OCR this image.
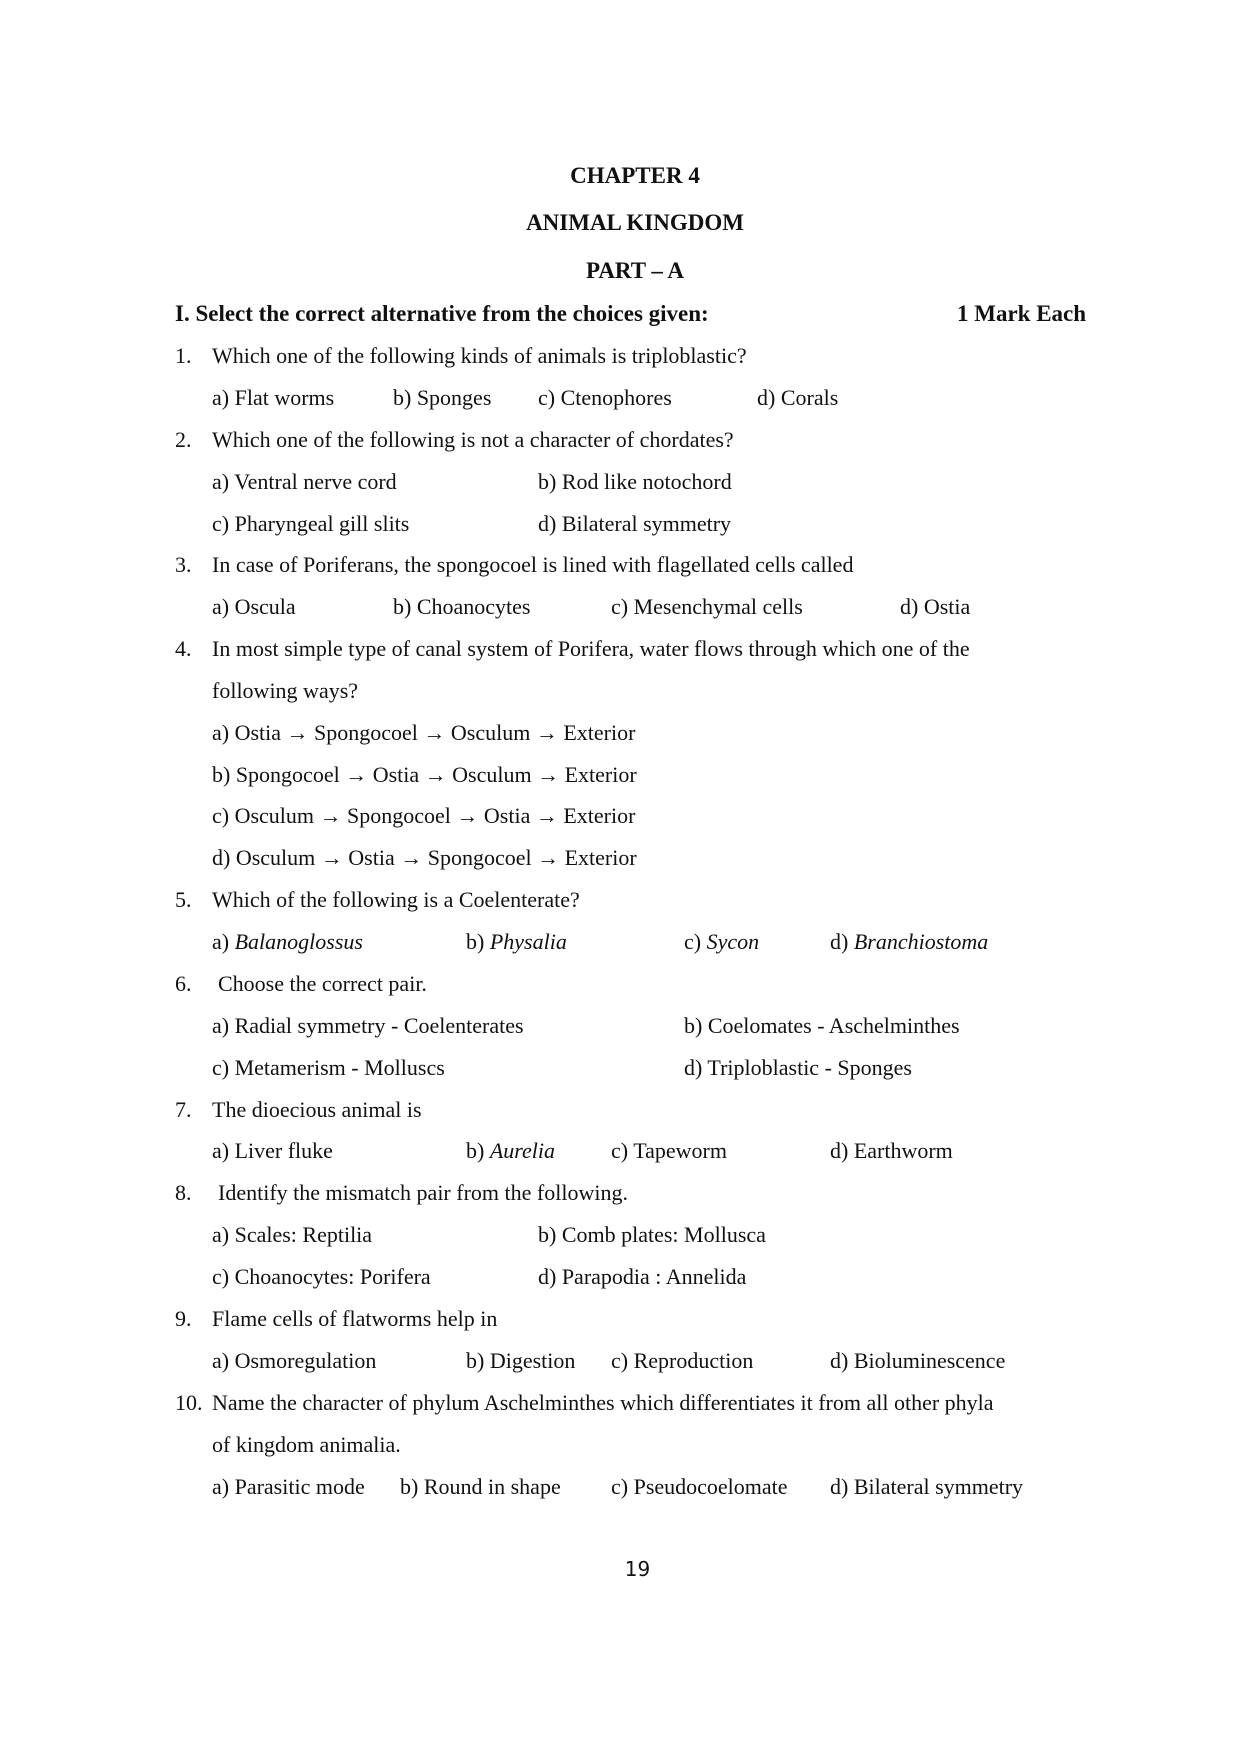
CHAPTER 4
ANIMAL KINGDOM
PART – A
I. Select the correct alternative from the choices given:	1 Mark Each
1. Which one of the following kinds of animals is triploblastic?
a) Flat worms	b) Sponges c) Ctenophores	d) Corals
2. Which one of the following is not a character of chordates?
a) Ventral nerve cord	b) Rod like notochord
c) Pharyngeal gill slits	d) Bilateral symmetry
3. In case of Poriferans, the spongocoel is lined with flagellated cells called
a) Oscula	b) Choanocytes	c) Mesenchymal cells	d) Ostia
4. In most simple type of canal system of Porifera, water flows through which one of the
following ways?
a) Ostia → Spongocoel → Osculum → Exterior
b) Spongocoel → Ostia → Osculum → Exterior
c) Osculum → Spongocoel → Ostia → Exterior
d) Osculum → Ostia → Spongocoel → Exterior
5. Which of the following is a Coelenterate?
a) Balanoglossus	b) Physalia	c) Sycon	d) Branchiostoma
6. Choose the correct pair.
a) Radial symmetry - Coelenterates	b) Coelomates - Aschelminthes
c) Metamerism - Molluscs	d) Triploblastic - Sponges
7. The dioecious animal is
a) Liver fluke	b) Aurelia	c) Tapeworm	d) Earthworm
8. Identify the mismatch pair from the following.
a) Scales: Reptilia	b) Comb plates: Mollusca
c) Choanocytes: Porifera	d) Parapodia : Annelida
9. Flame cells of flatworms help in
a) Osmoregulation	b) Digestion c) Reproduction	d) Bioluminescence
10. Name the character of phylum Aschelminthes which differentiates it from all other phyla
of kingdom animalia.
a) Parasitic mode b) Round in shape c) Pseudocoelomate d) Bilateral symmetry
19
